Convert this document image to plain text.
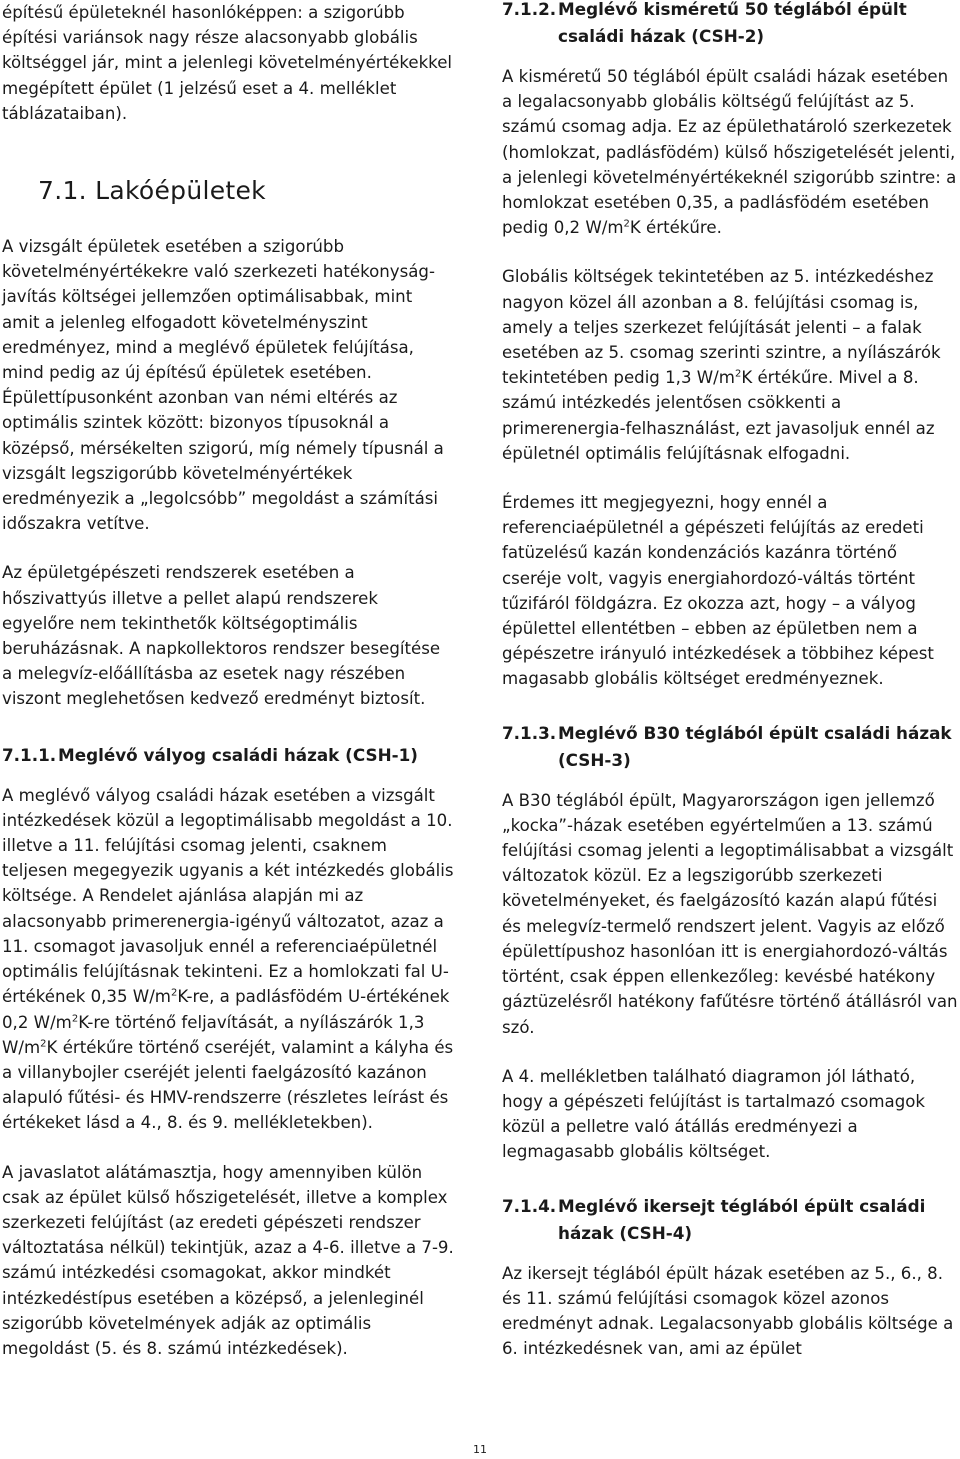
építésű épületeknél hasonlóképpen: a szigorúbb építési variánsok nagy része alacsonyabb globális költséggel jár, mint a jelenlegi követelményértékekkel megépített épület (1 jelzésű eset a 4. melléklet táblázataiban).

7.1. Lakóépületek

A vizsgált épületek esetében a szigorúbb követelményértékekre való szerkezeti hatékonyság-javítás költségei jellemzően optimálisabbak, mint amit a jelenleg elfogadott követelményszint eredményez, mind a meglévő épületek felújítása, mind pedig az új építésű épületek esetében. Épülettípusonként azonban van némi eltérés az optimális szintek között: bizonyos típusoknál a középső, mérsékelten szigorú, míg némely típusnál a vizsgált legszigorúbb követelményértékek eredményezik a „legolcsóbb” megoldást a számítási időszakra vetítve.

Az épületgépészeti rendszerek esetében a hőszivattyús illetve a pellet alapú rendszerek egyelőre nem tekinthetők költségoptimális beruházásnak. A napkollektoros rendszer besegítése a melegvíz-előállításba az esetek nagy részében viszont meglehetősen kedvező eredményt biztosít.

7.1.1. Meglévő vályog családi házak (CSH-1)

A meglévő vályog családi házak esetében a vizsgált intézkedések közül a legoptimálisabb megoldást a 10. illetve a 11. felújítási csomag jelenti, csaknem teljesen megegyezik ugyanis a két intézkedés globális költsége. A Rendelet ajánlása alapján mi az alacsonyabb primerenergia-igényű változatot, azaz a 11. csomagot javasoljuk ennél a referenciaépületnél optimális felújításnak tekinteni. Ez a homlokzati fal U-értékének 0,35 $W/m^2K-re$, a padlásfödém U-értékének 0,2 $W/m^2K-re$ történő feljavítását, a nyílászárók 1,3 $W/m^2K$ értékűre történő cseréjét, valamint a kályha és a villanybojler cseréjét jelenti faelgázosító kazánon alapuló fűtési- és HMV-rendszerre (részletes leírást és értékeket lásd a 4., 8. és 9. mellékletekben).

A javaslatot alátámasztja, hogy amennyiben külön csak az épület külső hőszigetelését, illetve a komplex szerkezeti felújítást (az eredeti gépészeti rendszer változtatása nélkül) tekintjük, azaz a 4-6. illetve a 7-9. számú intézkedési csomagokat, akkor mindkét intézkedéstípus esetében a középső, a jelenleginél szigorúbb követelmények adják az optimális megoldást (5. és 8. számú intézkedések).

7.1.2. Meglévő kisméretű 50 téglából épült családi házak (CSH-2)

A kisméretű 50 téglából épült családi házak esetében a legalacsonyabb globális költségű felújítást az 5. számú csomag adja. Ez az épülethatároló szerkezetek (homlokzat, padlásfödém) külső hőszigetelését jelenti, a jelenlegi követelményértékeknél szigorúbb szintre: a homlokzat esetében 0,35, a padlásfödém esetében pedig 0,2 $W/m^2K$ értékűre.

Globális költségek tekintetében az 5. intézkedéshez nagyon közel áll azonban a 8. felújítási csomag is, amely a teljes szerkezet felújítását jelenti – a falak esetében az 5. csomag szerinti szintre, a nyílászárók tekintetében pedig 1,3 $W/m^2K$ értékűre. Mivel a 8. számú intézkedés jelentősen csökkenti a primerenergia-felhasználást, ezt javasoljuk ennél az épületnél optimális felújításnak elfogadni.

Érdemes itt megjegyezni, hogy ennél a referenciaépületnél a gépészeti felújítás az eredeti fatüzelésű kazán kondenzációs kazánra történő cseréje volt, vagyis energiahordozó-váltás történt tűzifáról földgázra. Ez okozza azt, hogy – a vályog épülettel ellentétben – ebben az épületben nem a gépészetre irányuló intézkedések a többihez képest magasabb globális költséget eredményeznek.

7.1.3. Meglévő B30 téglából épült családi házak (CSH-3)

A B30 téglából épült, Magyarországon igen jellemző „kocka”-házak esetében egyértelműen a 13. számú felújítási csomag jelenti a legoptimálisabbat a vizsgált változatok közül. Ez a legszigorúbb szerkezeti követelményeket, és faelgázosító kazán alapú fűtési és melegvíz-termelő rendszert jelent. Vagyis az előző épülettípushoz hasonlóan itt is energiahordozó-váltás történt, csak éppen ellenkezőleg: kevésbé hatékony gáztüzelésről hatékony fafűtésre történő átállásról van szó.

A 4. mellékletben található diagramon jól látható, hogy a gépészeti felújítást is tartalmazó csomagok közül a pelletre való átállás eredményezi a legmagasabb globális költséget.

7.1.4. Meglévő ikersejt téglából épült családi házak (CSH-4)

Az ikersejt téglából épült házak esetében az 5., 6., 8. és 11. számú felújítási csomagok közel azonos eredményt adnak. Legalacsonyabb globális költsége a 6. intézkedésnek van, ami az épület

11
